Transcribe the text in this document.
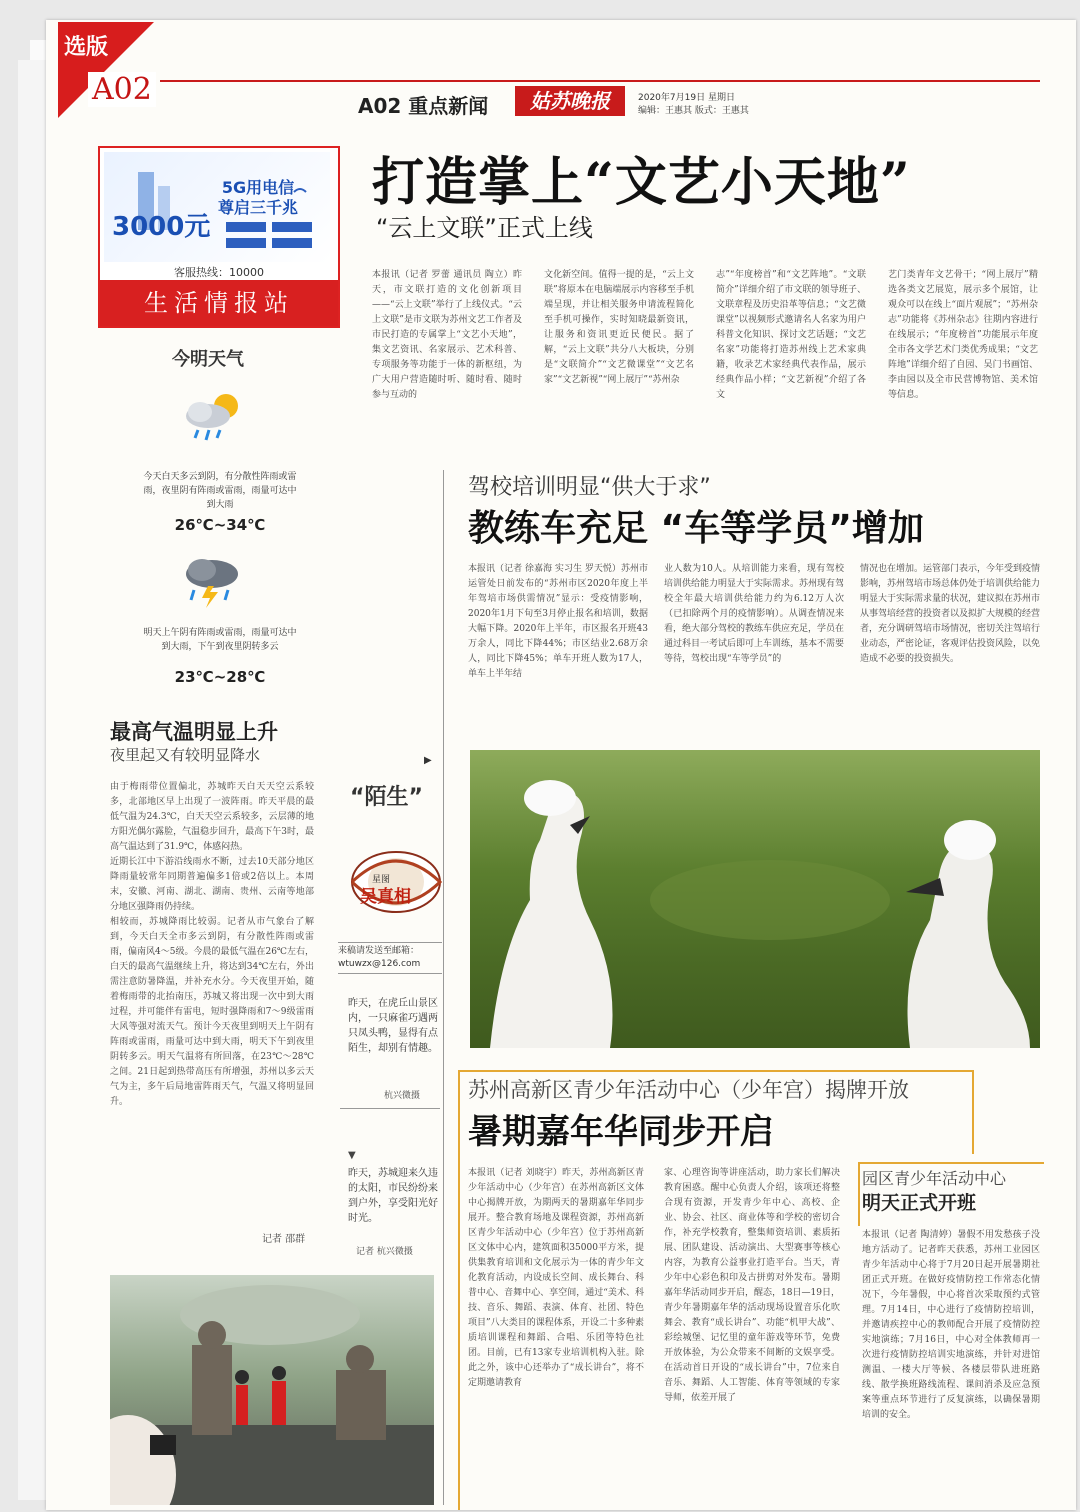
选版
A02	A02 重点新闻	姑苏晚报	2020年7月19日 星期日
编辑：王惠其 版式：王惠其
5G用电信
尊启三千兆
3000元
客服热线：10000
生活情报站
今明天气
今天白天多云到阴，有分散性阵雨或雷雨，夜里阴有阵雨或雷雨，雨量可达中到大雨
26℃~34℃
明天上午阴有阵雨或雷雨，雨量可达中到大雨，下午到夜里阴转多云
23℃~28℃
最高气温明显上升
夜里起又有较明显降水
由于梅雨带位置偏北，苏城昨天白天天空云系较多，北部地区早上出现了一波阵雨。昨天平晨的最低气温为24.3℃，白天天空云系较多，云层薄的地方阳光偶尔露脸，气温稳步回升，最高下午3时，最高气温达到了31.9℃，体感闷热。
近期长江中下游沿线雨水不断，过去10天部分地区降雨量较常年同期普遍偏多1倍或2倍以上。本周末，安徽、河南、湖北、湖南、贵州、云南等地部分地区强降雨仍持续。
相较而，苏城降雨比较弱。记者从市气象台了解到，今天白天全市多云到阴，有分散性阵雨或雷雨，偏南风4～5级。今晨的最低气温在26℃左右，白天的最高气温继续上升，将达到34℃左右，外出需注意防暑降温，并补充水分。今天夜里开始，随着梅雨带的北抬南压，苏城又将出现一次中到大雨过程，并可能伴有雷电，短时强降雨和7～9级雷雨大风等强对流天气。预计今天夜里到明天上午阴有阵雨或雷雨，雨量可达中到大雨，明天下午到夜里阴转多云。明天气温将有所回落，在23℃～28℃之间。21日起到热带高压有所增强，苏州以多云天气为主，多午后局地雷阵雨天气，气温又将明显回升。
记者 邵群
打造掌上“文艺小天地”
“云上文联”正式上线
本报讯（记者 罗蕾 通讯员 陶立）昨天，市文联打造的文化创新项目——“云上文联”举行了上线仪式。“云上文联”是市文联为苏州文艺工作者及市民打造的专属掌上“文艺小天地”，集文艺资讯、名家展示、艺术科普、专项服务等功能于一体的新枢纽，为广大用户营造随时听、随时看、随时参与互动的
文化新空间。值得一提的是，“云上文联”将原本在电脑端展示内容移至手机端呈现，并让相关服务申请流程简化至手机可操作，实时知晓最新资讯，让服务和资讯更近民便民。据了解，“云上文联”共分八大板块，分别是“文联简介”“文艺微课堂”“文艺名家”“文艺新视”“网上展厅”“苏州杂
志”“年度榜首”和“文艺阵地”。“文联简介”详细介绍了市文联的领导班子、文联章程及历史沿革等信息；“文艺微课堂”以视频形式邀请名人名家为用户科普文化知识、探讨文艺话题；“文艺名家”功能将打造苏州线上艺术家典籍，收录艺术家经典代表作品，展示经典作品小样；“文艺新视”介绍了各文
艺门类青年文艺骨干；“网上展厅”精选各类文艺展览，展示多个展馆，让观众可以在线上“面片观展”；“苏州杂志”功能将《苏州杂志》往期内容进行在线展示；“年度榜首”功能展示年度全市各文学艺术门类优秀成果；“文艺阵地”详细介绍了自园、吴门书画馆、李由园以及全市民营博物馆、美术馆等信息。
驾校培训明显“供大于求”
教练车充足 “车等学员”增加
本报讯（记者 徐嘉海 实习生 罗天悦）苏州市运管处日前发布的“苏州市区2020年度上半年驾培市场供需情况”显示：受疫情影响，2020年1月下旬至3月停止报名和培训，数据大幅下降。2020年上半年，市区报名开班43万余人，同比下降44%；市区结业2.68万余人，同比下降45%；单车开班人数为17人，单车上半年结
业人数为10人。从培训能力来看，现有驾校培训供给能力明显大于实际需求。苏州现有驾校全年最大培训供给能力约为6.12万人次（已扣除两个月的疫情影响）。从调查情况来看，绝大部分驾校的教练车供应充足，学员在通过科目一考试后即可上车训练，基本不需要等待，驾校出现“车等学员”的
情况也在增加。运管部门表示，今年受到疫情影响，苏州驾培市场总体仍处于培训供给能力明显大于实际需求量的状况，建议拟在苏州市从事驾培经营的投资者以及拟扩大规模的经营者，充分调研驾培市场情况，密切关注驾培行业动态，严密论证，客观评估投资风险，以免造成不必要的投资损失。
▶
“陌生”
星图
吴真相
来稿请发送至邮箱：
wtuwzx@126.com
昨天，在虎丘山景区内，一只麻雀巧遇两只凤头鸭，显得有点陌生，却别有情趣。
杭兴微摄
▼
昨天，苏城迎来久违的太阳，市民纷纷来到户外，享受阳光好时光。
记者 杭兴微摄
苏州高新区青少年活动中心（少年宫）揭牌开放
暑期嘉年华同步开启
本报讯（记者 刘晓宇）昨天，苏州高新区青少年活动中心（少年宫）在苏州高新区文体中心揭牌开放，为期两天的暑期嘉年华同步展开。整合教育场地及课程资源，苏州高新区青少年活动中心（少年宫）位于苏州高新区文体中心内，建筑面积35000平方米，提供集教育培训和文化展示为一体的青少年文化教育活动，内设成长空间、成长舞台、科普中心、音舞中心、享空间，通过“美术、科技、音乐、舞蹈、表演、体育、社团、特色项目”八大类目的课程体系，开设二十多种素质培训课程和舞蹈、合唱、乐团等特色社团。目前，已有13家专业培训机构入驻。除此之外，该中心还举办了“成长讲台”，将不定期邀请教育
家、心理咨询等讲座活动，助力家长们解决教育困惑。醒中心负责人介绍，该项还将整合现有资源，开发青少年中心、高校、企业、协会、社区、商业体等和学校的密切合作，补充学校教育，整集师资培训、素质拓展、团队建设、活动演出、大型赛事等核心内容，为教育公益事业打造平台。当天，青少年中心彩色积印及古拼剪对外发布。暑期嘉年华活动同步开启，醒态，18日—19日，青少年暑期嘉年华的活动现场设置音乐化吹舞会、教育“成长讲台”、功能“机甲大战”、彩绘城堡、记忆里的童年游戏等环节，免费开放体验，为公众带来不间断的文娱享受。在活动首日开设的“成长讲台”中，7位来自音乐、舞蹈、人工智能、体育等领域的专家导师，依差开展了
园区青少年活动中心
明天正式开班
本报讯（记者 陶清婷）暑假不用发愁孩子没地方活动了。记者昨天获悉，苏州工业园区青少年活动中心将于7月20日起开展暑期社团正式开班。在做好疫情防控工作常态化情况下，今年暑假，中心将首次采取预约式管理。7月14日，中心进行了疫情防控培训，并邀请疾控中心的教师配合开展了疫情防控实地演练；7月16日，中心对全体教师再一次进行疫情防控培训实地演练，并针对进馆测温、一楼大厅等候、各楼层带队进班路线、散学换班路线流程、课间消杀及应急预案等重点环节进行了反复演练，以确保暑期培训的安全。
